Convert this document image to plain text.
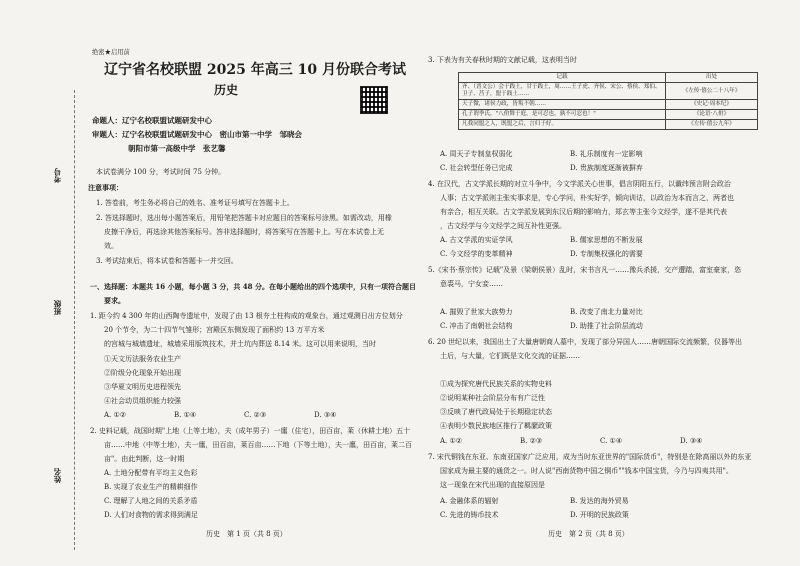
考号
班级
姓名
绝密★启用前
辽宁省名校联盟 2025 年高三 10 月份联合考试
历史
命题人：辽宁名校联盟试题研发中心
审题人：辽宁名校联盟试题研发中心　密山市第一中学　邹晓会
朝阳市第一高级中学　张艺馨
本试卷满分 100 分，考试时间 75 分钟。
注意事项：
1. 答卷前，考生务必将自己的姓名、准考证号填写在答题卡上。
2. 答选择题时，选出每小题答案后，用铅笔把答题卡对应题目的答案标号涂黑。如需改动，用橡
皮擦干净后，再选涂其他答案标号。答非选择题时，将答案写在答题卡上。写在本试卷上无
效。
3. 考试结束后，将本试卷和答题卡一并交回。
一、选择题：本题共 16 小题，每小题 3 分，共 48 分。在每小题给出的四个选项中，只有一项符合题目
要求。
1. 距今约 4 300 年的山西陶寺遗址中，发现了由 13 根夯土柱构成的观象台，通过观测日出方位划分
20 个节令，为二十四节气雏形；宫殿区东侧发现了面积约 13 万平方米
的宫城与城墙遗址，城墙采用版筑技术，并土坑内葬送 8.14 米。这可以用来说明，当时
①天文历法服务农业生产
②阶级分化现象开始出现
③华夏文明历史进程领先
④社会动员组织能力较强
A. ①②	B. ①④	C. ②③	D. ③④
2. 史料记载，战国时期"上地（上等土地），夫（成年男子）一廛（住宅），田百亩，莱（休耕土地）五十
亩……中地（中等土地），夫一廛，田百亩，莱百亩……下地（下等土地），夫一廛，田百亩，莱二百
亩"。由此判断，这一时期
A. 土地分配带有平均主义色彩
B. 实现了农业生产的精耕细作
C. 理解了人地之间的关系矛盾
D. 人们对食物的需求得到满足
历史　第 1 页（共 8 页）
3. 下表为有关春秋时期的文献记载，这表明当时
记载	出处
齐、（晋文公）会于践土，甘于践土，周……王子虎、齐侯、宋公、蔡侯、郑伯、卫子、莒子，盟于践土……	《左传·僖公二十八年》
天子微，诸侯力政，皆叛不朝……	《史记·周本纪》
孔子谓季氏，"八佾舞于庭，是可忍也，孰不可忍也！"	《论语·八佾》
凡我同盟之人，既盟之后，言归于好。	《左传·僖公九年》
A. 周天子专制皇权弱化	B. 礼乐制度有一定影响
C. 社会转型任务已完成	D. 贵族制度逐渐被摒弃
4. 在汉代，古文学派长期的对立斗争中，今文学派关心世事，倡言阴阳五行，以谶纬预言附会政治
人事；古文学派则主张实事求是，专心学问，朴实好学，倾向训诂，以政治为本而言之，两者也
有亲合，相互关联。古文学派发展到东汉后期的影响力，郑玄等主张今文经学，遂不是其代表
，古文经学与今文经学之间互补性更强。
A. 古文学派的实证学风	B. 儒家思想的不断发展
C. 今文经学的变革精神	D. 专制集权强化的需要
5.《宋书·蔡宗传》记载"及景（梁朝侯景）乱时，宋书言凡一……豫兵杀援，交产遭踏，富室豪家，恣
意裘马，宁女妾……
A. 摧毁了世家大族势力	B. 改变了南北力量对比
C. 冲击了南朝社会结构	D. 助推了社会阶层流动
6. 20 世纪以来，我国出土了大量唐朝商人墓中，发现了部分异国人……唐朝国际交流频繁，仪器等出
土后，与大量，它们既是文化交流的证据……
①成为探究唐代民族关系的实物史料
②说明某种社会阶层分布有广泛性
③反映了唐代政局处于长期稳定状态
④表明少数民族地区推行了羁縻政策
A. ①②	B. ②③	C. ①④	D. ③④
7. 宋代铜钱在东亚、东南亚国家广泛应用，成为当时东亚世界的"国际货币"，特别是在除高丽以外的东亚
国家成为最主要的通货之一。时人说"西南货物中国之铜币""钱本中国宝货，今乃与四夷共用"。
这一现象在宋代出现的直接原因是
A. 金融体系的辐射	B. 发达的海外贸易
C. 先进的铸币技术	D. 开明的民族政策
历史　第 2 页（共 8 页）
